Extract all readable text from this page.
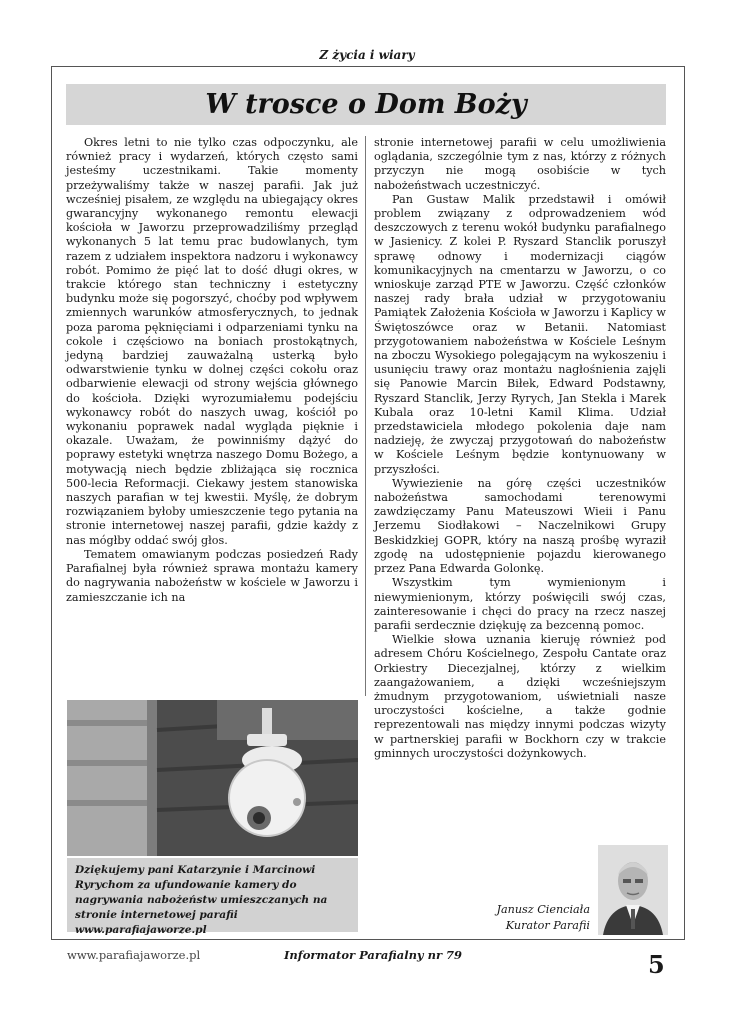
Z życia i wiary
W trosce o Dom Boży

Okres letni to nie tylko czas odpoczynku, ale również pracy i wydarzeń, których często sami jesteśmy uczestnikami. Takie momenty przeżywaliśmy także w naszej parafii. Jak już wcześniej pisałem, ze względu na ubiegający okres gwarancyjny wykonanego remontu elewacji kościoła w Jaworzu przeprowadziliśmy przegląd wykonanych 5 lat temu prac budowlanych, tym razem z udziałem inspektora nadzoru i wykonawcy robót. Pomimo że pięć lat to dość długi okres, w trakcie którego stan techniczny i estetyczny budynku może się pogorszyć, choćby pod wpływem zmiennych warunków atmosferycznych, to jednak poza paroma pęknięciami i odparzeniami tynku na cokole i częściowo na boniach prostokątnych, jedyną bardziej zauważalną usterką było odwarstwienie tynku w dolnej części cokołu oraz odbarwienie elewacji od strony wejścia głównego do kościoła. Dzięki wyrozumiałemu podejściu wykonawcy robót do naszych uwag, kościół po wykonaniu poprawek nadal wygląda pięknie i okazale. Uważam, że powinniśmy dążyć do poprawy estetyki wnętrza naszego Domu Bożego, a motywacją niech będzie zbliżająca się rocznica 500-lecia Reformacji. Ciekawy jestem stanowiska naszych parafian w tej kwestii. Myślę, że dobrym rozwiązaniem byłoby umieszczenie tego pytania na stronie internetowej naszej parafii, gdzie każdy z nas mógłby oddać swój głos.

Tematem omawianym podczas posiedzeń Rady Parafialnej była również sprawa montażu kamery do nagrywania nabożeństw w kościele w Jaworzu i zamieszczanie ich na

stronie internetowej parafii w celu umożliwienia oglądania, szczególnie tym z nas, którzy z różnych przyczyn nie mogą osobiście w tych nabożeństwach uczestniczyć.

Pan Gustaw Malik przedstawił i omówił problem związany z odprowadzeniem wód deszczowych z terenu wokół budynku parafialnego w Jasienicy. Z kolei P. Ryszard Stanclik poruszył sprawę odnowy i modernizacji ciągów komunikacyjnych na cmentarzu w Jaworzu, o co wnioskuje zarząd PTE w Jaworzu. Część członków naszej rady brała udział w przygotowaniu Pamiątek Założenia Kościoła w Jaworzu i Kaplicy w Świętoszówce oraz w Betanii. Natomiast przygotowaniem nabożeństwa w Kościele Leśnym na zboczu Wysokiego polegającym na wykoszeniu i usunięciu trawy oraz montażu nagłośnienia zajęli się Panowie Marcin Biłek, Edward Podstawny, Ryszard Stanclik, Jerzy Ryrych, Jan Stekla i Marek Kubala oraz 10-letni Kamil Klima. Udział przedstawiciela młodego pokolenia daje nam nadzieję, że zwyczaj przygotowań do nabożeństw w Kościele Leśnym będzie kontynuowany w przyszłości.

Wywiezienie na górę części uczestników nabożeństwa samochodami terenowymi zawdzięczamy Panu Mateuszowi Wieii i Panu Jerzemu Siodłakowi – Naczelnikowi Grupy Beskidzkiej GOPR, który na naszą prośbę wyraził zgodę na udostępnienie pojazdu kierowanego przez Pana Edwarda Golonkę.

Wszystkim tym wymienionym i niewymienionym, którzy poświęcili swój czas, zainteresowanie i chęci do pracy na rzecz naszej parafii serdecznie dziękuję za bezcenną pomoc.

Wielkie słowa uznania kieruję również pod adresem Chóru Kościelnego, Zespołu Cantate oraz Orkiestry Diecezjalnej, którzy z wielkim zaangażowaniem, a dzięki wcześniejszym żmudnym przygotowaniom, uświetniali nasze uroczystości kościelne, a także godnie reprezentowali nas między innymi podczas wizyty w partnerskiej parafii w Bockhorn czy w trakcie gminnych uroczystości dożynkowych.

Dziękujemy pani Katarzynie i Marcinowi Ryrychom za ufundowanie kamery do nagrywania nabożeństw umieszczanych na stronie internetowej parafii www.parafiajaworze.pl
Janusz Cienciała
Kurator Parafii
www.parafiajaworze.pl	Informator Parafialny nr 79	5
